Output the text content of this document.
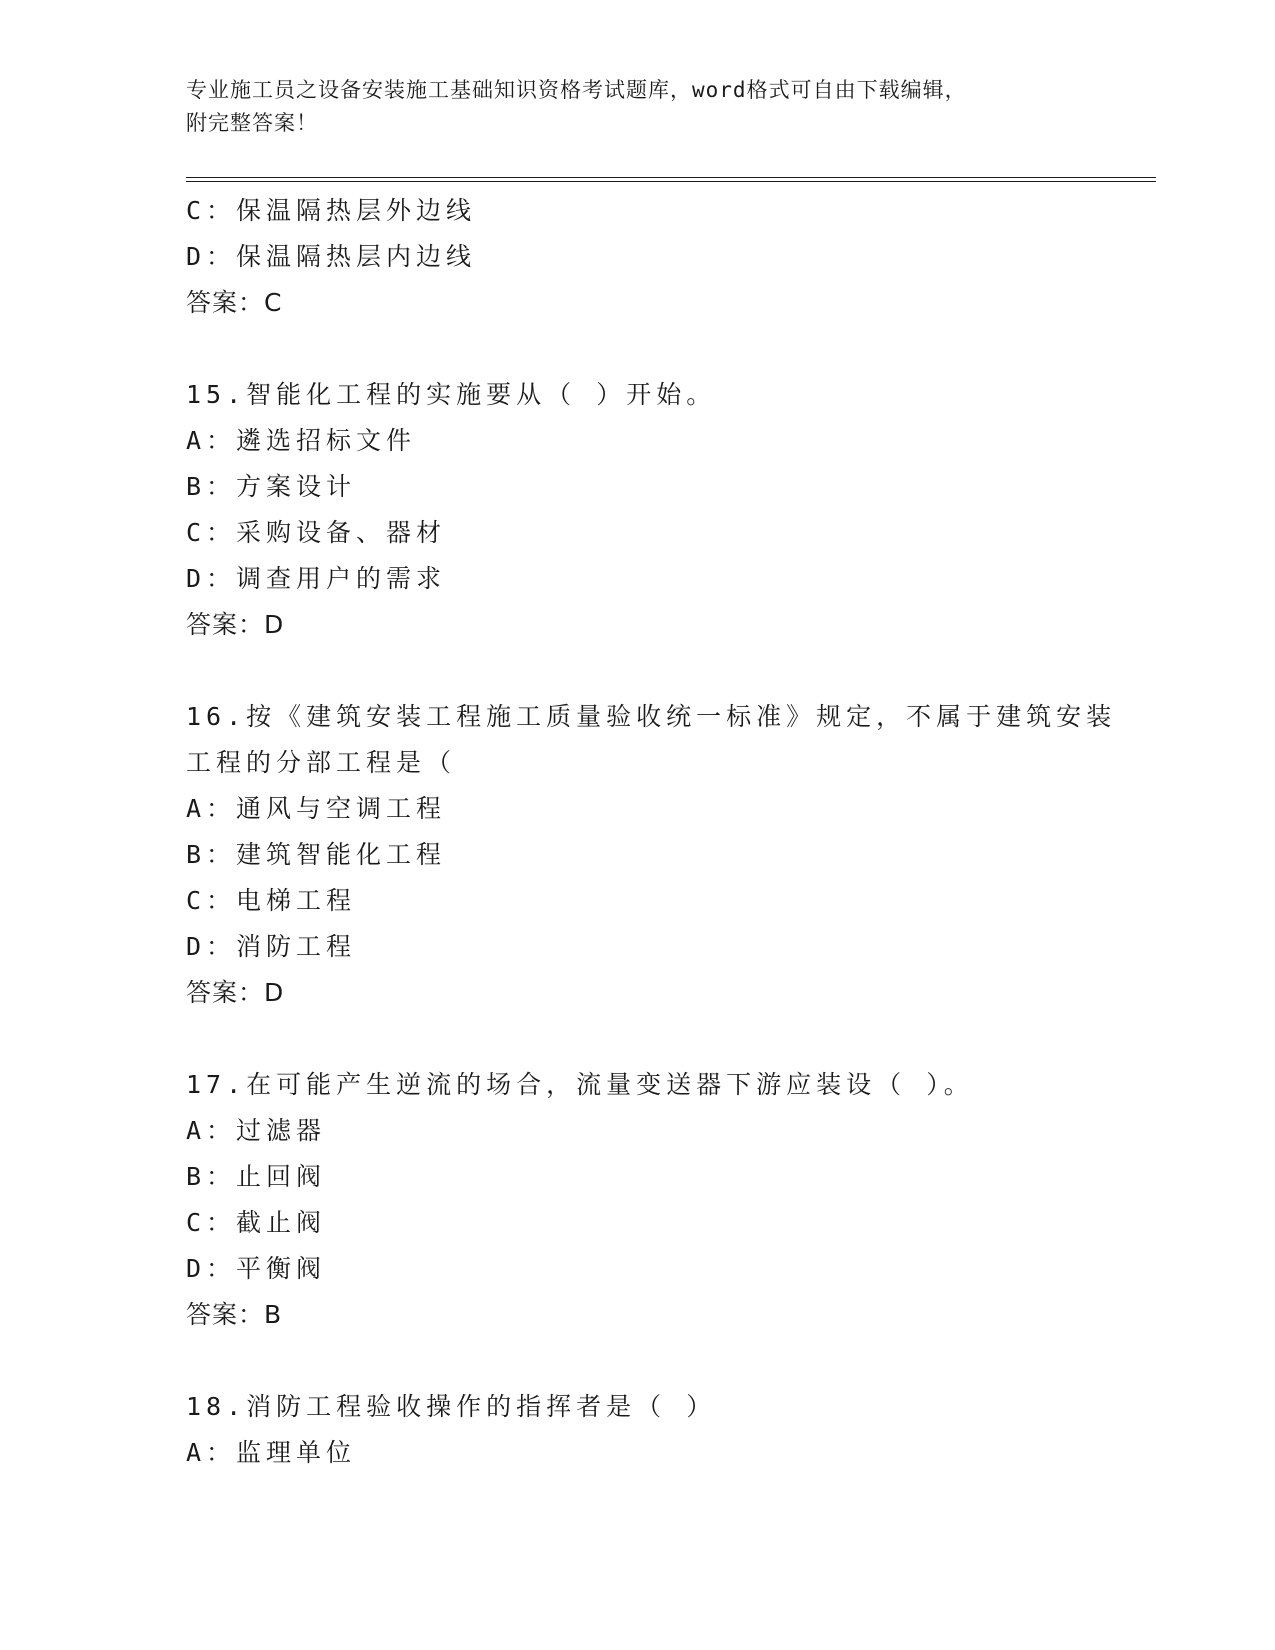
专业施工员之设备安装施工基础知识资格考试题库，word格式可自由下载编辑，
附完整答案！
C：保温隔热层外边线
D：保温隔热层内边线
答案：C
15.智能化工程的实施要从（ ）开始。
A：遴选招标文件
B：方案设计
C：采购设备、器材
D：调查用户的需求
答案：D
16.按《建筑安装工程施工质量验收统一标准》规定，不属于建筑安装
工程的分部工程是（
A：通风与空调工程
B：建筑智能化工程
C：电梯工程
D：消防工程
答案：D
17.在可能产生逆流的场合，流量变送器下游应装设（ ）。
A：过滤器
B：止回阀
C：截止阀
D：平衡阀
答案：B
18.消防工程验收操作的指挥者是（ ）
A：监理单位
